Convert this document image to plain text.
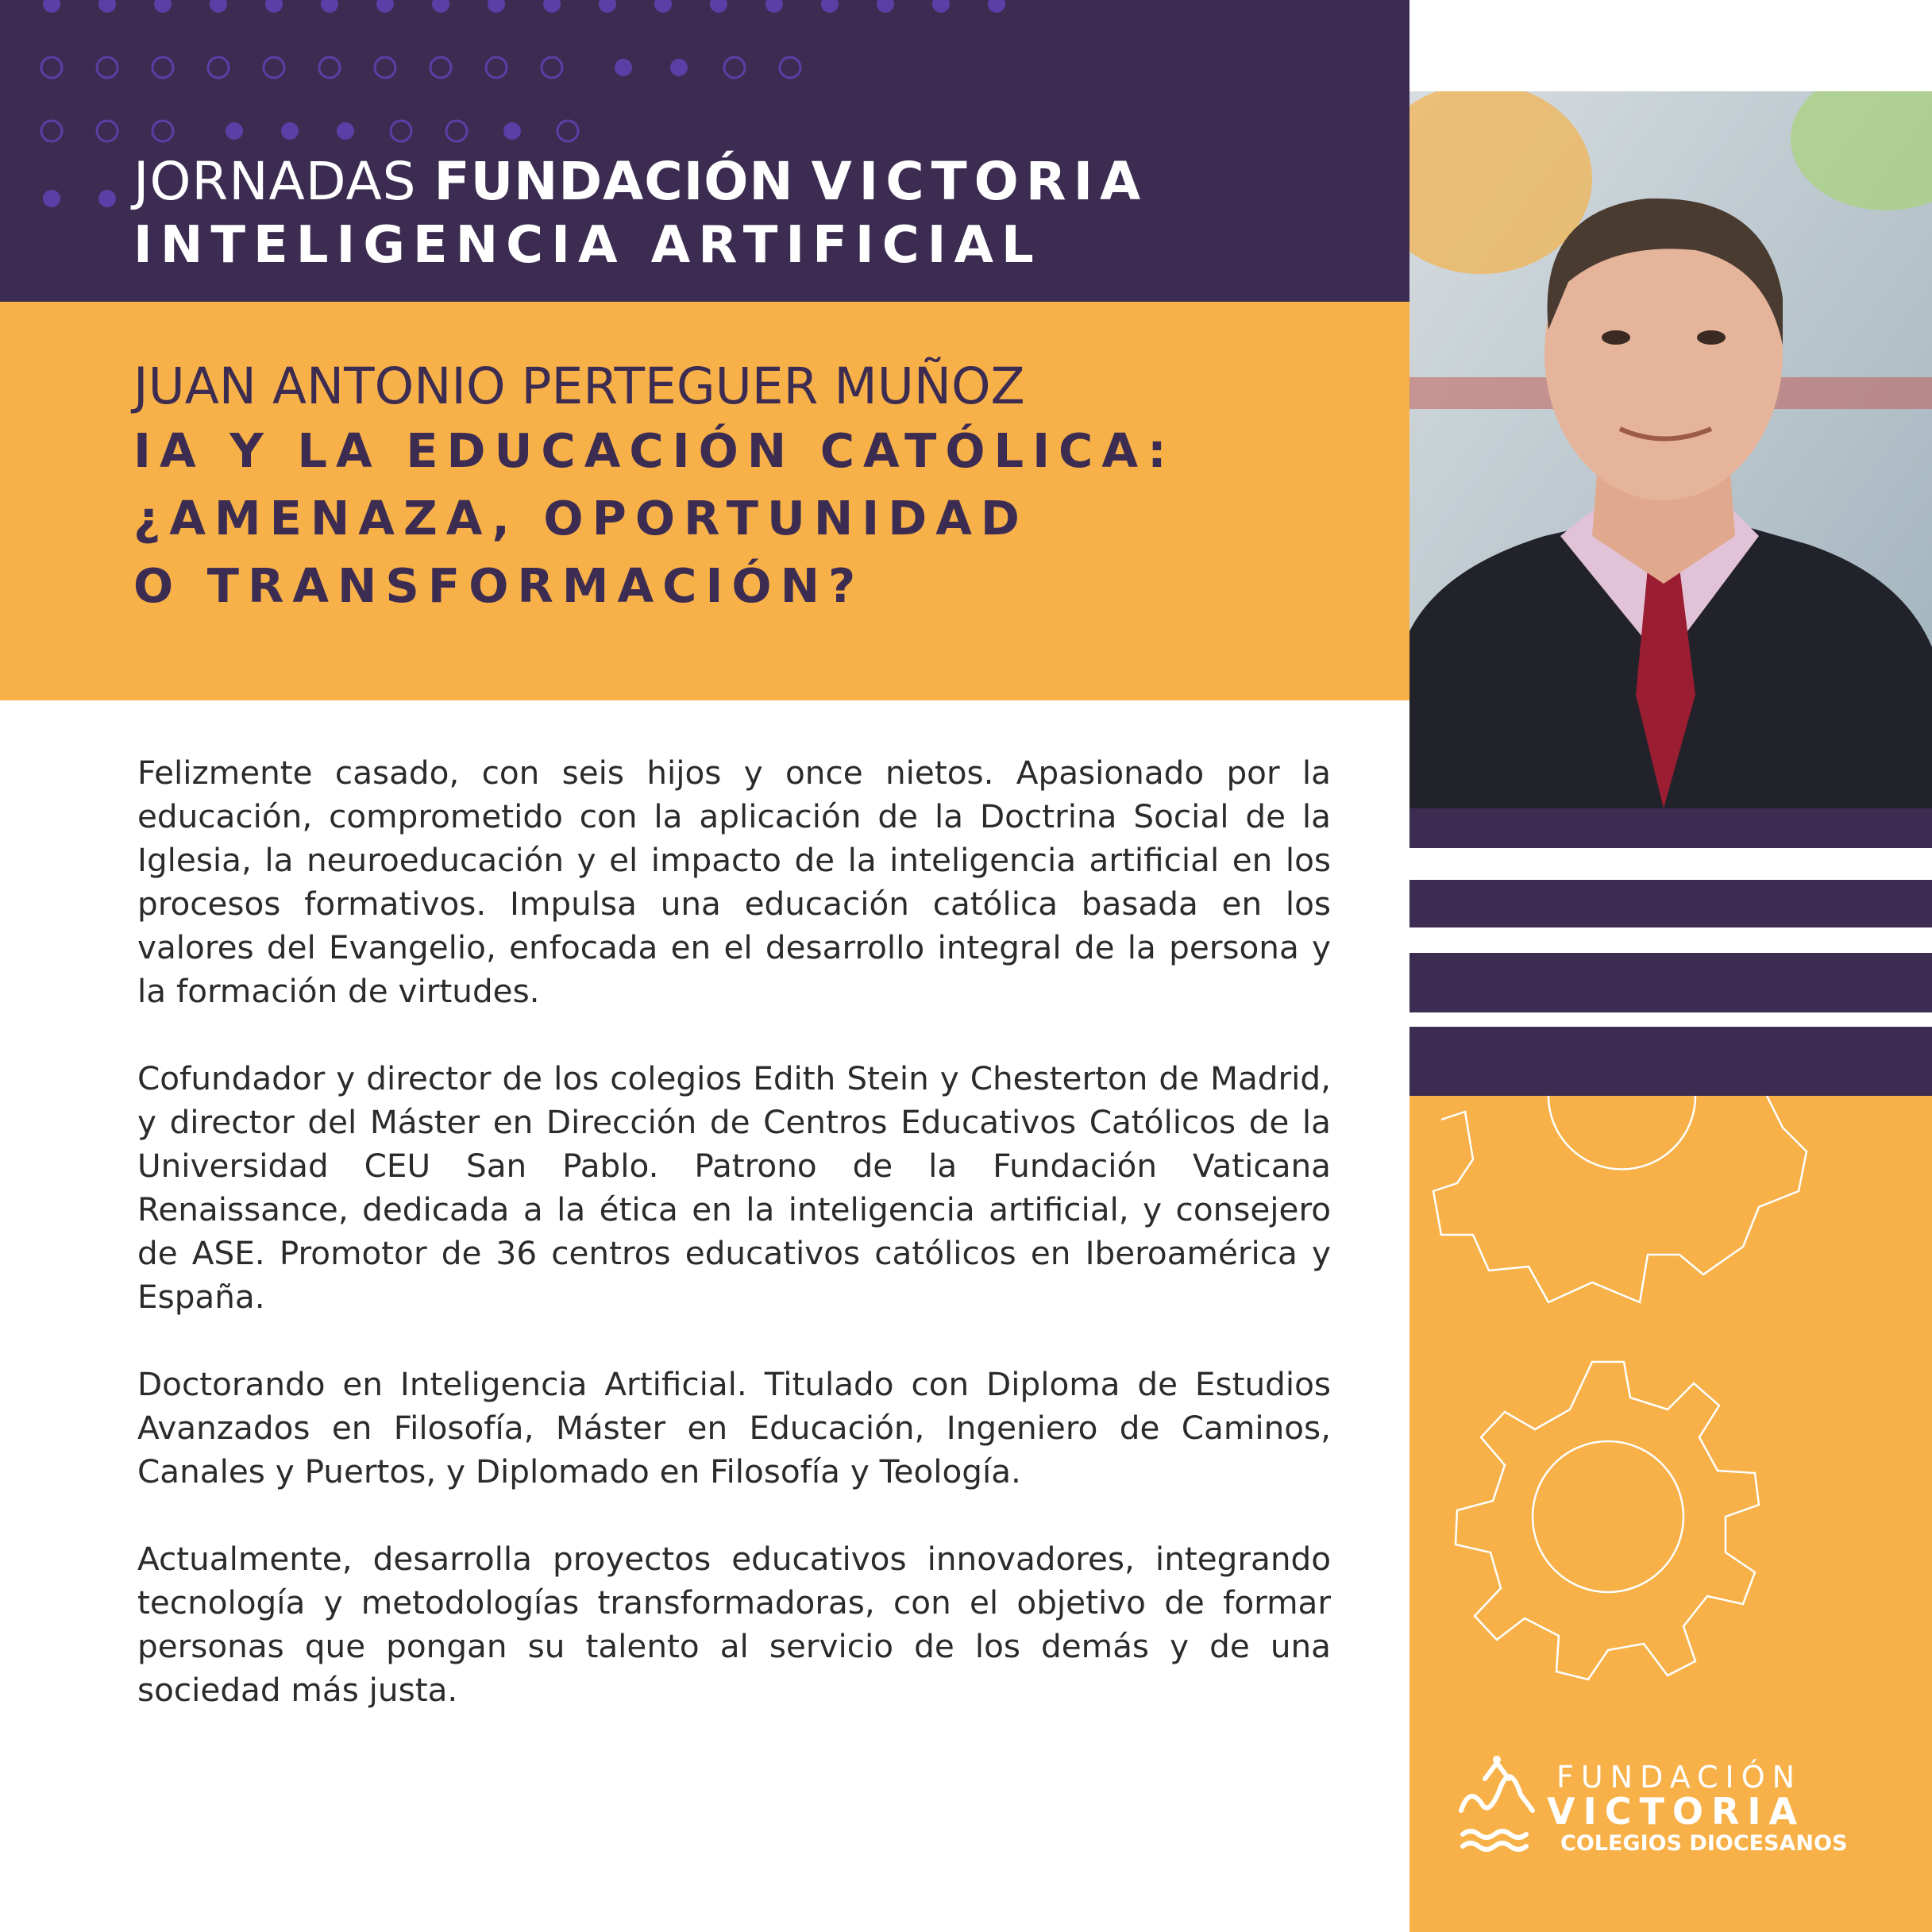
JORNADAS FUNDACIÓN VICTORIA
INTELIGENCIA ARTIFICIAL
JUAN ANTONIO PERTEGUER MUÑOZ
IA Y LA EDUCACIÓN CATÓLICA:
¿AMENAZA, OPORTUNIDAD
O TRANSFORMACIÓN?

Felizmente casado, con seis hijos y once nietos. Apasionado por la educación, comprometido con la aplicación de la Doctrina Social de la Iglesia, la neuroeducación y el impacto de la inteligencia artificial en los procesos formativos. Impulsa una educación católica basada en los valores del Evangelio, enfocada en el desarrollo integral de la persona y la formación de virtudes.

Cofundador y director de los colegios Edith Stein y Chesterton de Madrid, y director del Máster en Dirección de Centros Educativos Católicos de la Universidad CEU San Pablo. Patrono de la Fundación Vaticana Renaissance, dedicada a la ética en la inteligencia artificial, y consejero de ASE. Promotor de 36 centros educativos católicos en Iberoamérica y España.

Doctorando en Inteligencia Artificial. Titulado con Diploma de Estudios Avanzados en Filosofía, Máster en Educación, Ingeniero de Caminos, Canales y Puertos, y Diplomado en Filosofía y Teología.

Actualmente, desarrolla proyectos educativos innovadores, integrando tecnología y metodologías transformadoras, con el objetivo de formar personas que pongan su talento al servicio de los demás y de una sociedad más justa.

FUNDACIÓN
VICTORIA
COLEGIOS DIOCESANOS
